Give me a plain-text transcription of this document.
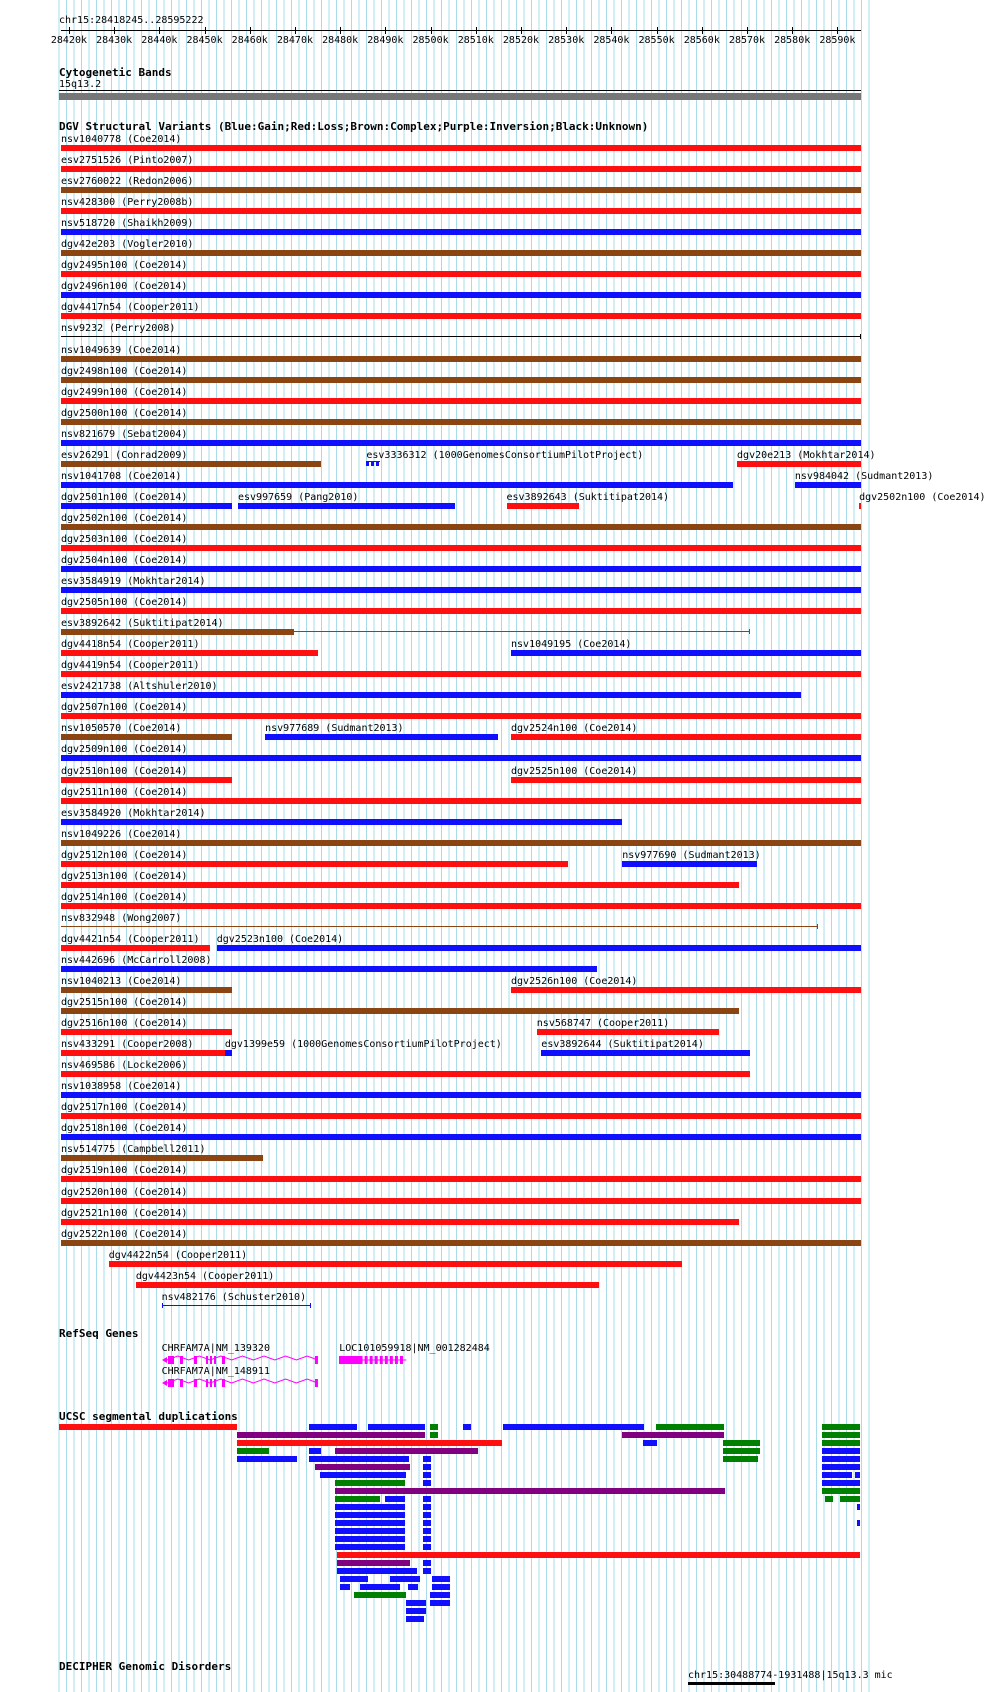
chr15:28418245..28595222
28420k 28430k 28440k 28450k 28460k 28470k 28480k 28490k 28500k 28510k 28520k 28530k 28540k 28550k 28560k 28570k 28580k 28590k
Cytogenetic Bands
15q13.2
DGV Structural Variants (Blue:Gain;Red:Loss;Brown:Complex;Purple:Inversion;Black:Unknown)
nsv1040778 (Coe2014)
esv2751526 (Pinto2007)
esv2760022 (Redon2006)
nsv428300 (Perry2008b)
nsv518720 (Shaikh2009)
dgv42e203 (Vogler2010)
dgv2495n100 (Coe2014)
dgv2496n100 (Coe2014)
dgv4417n54 (Cooper2011)
nsv9232 (Perry2008)
nsv1049639 (Coe2014)
dgv2498n100 (Coe2014)
dgv2499n100 (Coe2014)
dgv2500n100 (Coe2014)
nsv821679 (Sebat2004)
esv26291 (Conrad2009)	esv3336312 (1000GenomesConsortiumPilotProject)	dgv20e213 (Mokhtar2014)
nsv1041708 (Coe2014)	nsv984042 (Sudmant2013)
dgv2501n100 (Coe2014)	esv997659 (Pang2010)	esv3892643 (Suktitipat2014)	dgv2502n100 (Coe2014)
dgv2502n100 (Coe2014)
dgv2503n100 (Coe2014)
dgv2504n100 (Coe2014)
esv3584919 (Mokhtar2014)
dgv2505n100 (Coe2014)
esv3892642 (Suktitipat2014)
dgv4418n54 (Cooper2011)	nsv1049195 (Coe2014)
dgv4419n54 (Cooper2011)
esv2421738 (Altshuler2010)
dgv2507n100 (Coe2014)
nsv1050570 (Coe2014)	nsv977689 (Sudmant2013)	dgv2524n100 (Coe2014)
dgv2509n100 (Coe2014)
dgv2510n100 (Coe2014)	dgv2525n100 (Coe2014)
dgv2511n100 (Coe2014)
esv3584920 (Mokhtar2014)
nsv1049226 (Coe2014)
dgv2512n100 (Coe2014)	nsv977690 (Sudmant2013)
dgv2513n100 (Coe2014)
dgv2514n100 (Coe2014)
nsv832948 (Wong2007)
dgv4421n54 (Cooper2011) dgv2523n100 (Coe2014)
nsv442696 (McCarroll2008)
nsv1040213 (Coe2014)	dgv2526n100 (Coe2014)
dgv2515n100 (Coe2014)
dgv2516n100 (Coe2014)	nsv568747 (Cooper2011)
nsv433291 (Cooper2008)	dgv1399e59 (1000GenomesConsortiumPilotProject)	esv3892644 (Suktitipat2014)
nsv469586 (Locke2006)
nsv1038958 (Coe2014)
dgv2517n100 (Coe2014)
dgv2518n100 (Coe2014)
nsv514775 (Campbell2011)
dgv2519n100 (Coe2014)
dgv2520n100 (Coe2014)
dgv2521n100 (Coe2014)
dgv2522n100 (Coe2014)
dgv4422n54 (Cooper2011)
dgv4423n54 (Cooper2011)
nsv482176 (Schuster2010)
RefSeq Genes
CHRFAM7A|NM_139320	LOC101059918|NM_001282484
CHRFAM7A|NM_148911
UCSC segmental duplications
DECIPHER Genomic Disorders
chr15:30488774-1931488|15q13.3 mic
